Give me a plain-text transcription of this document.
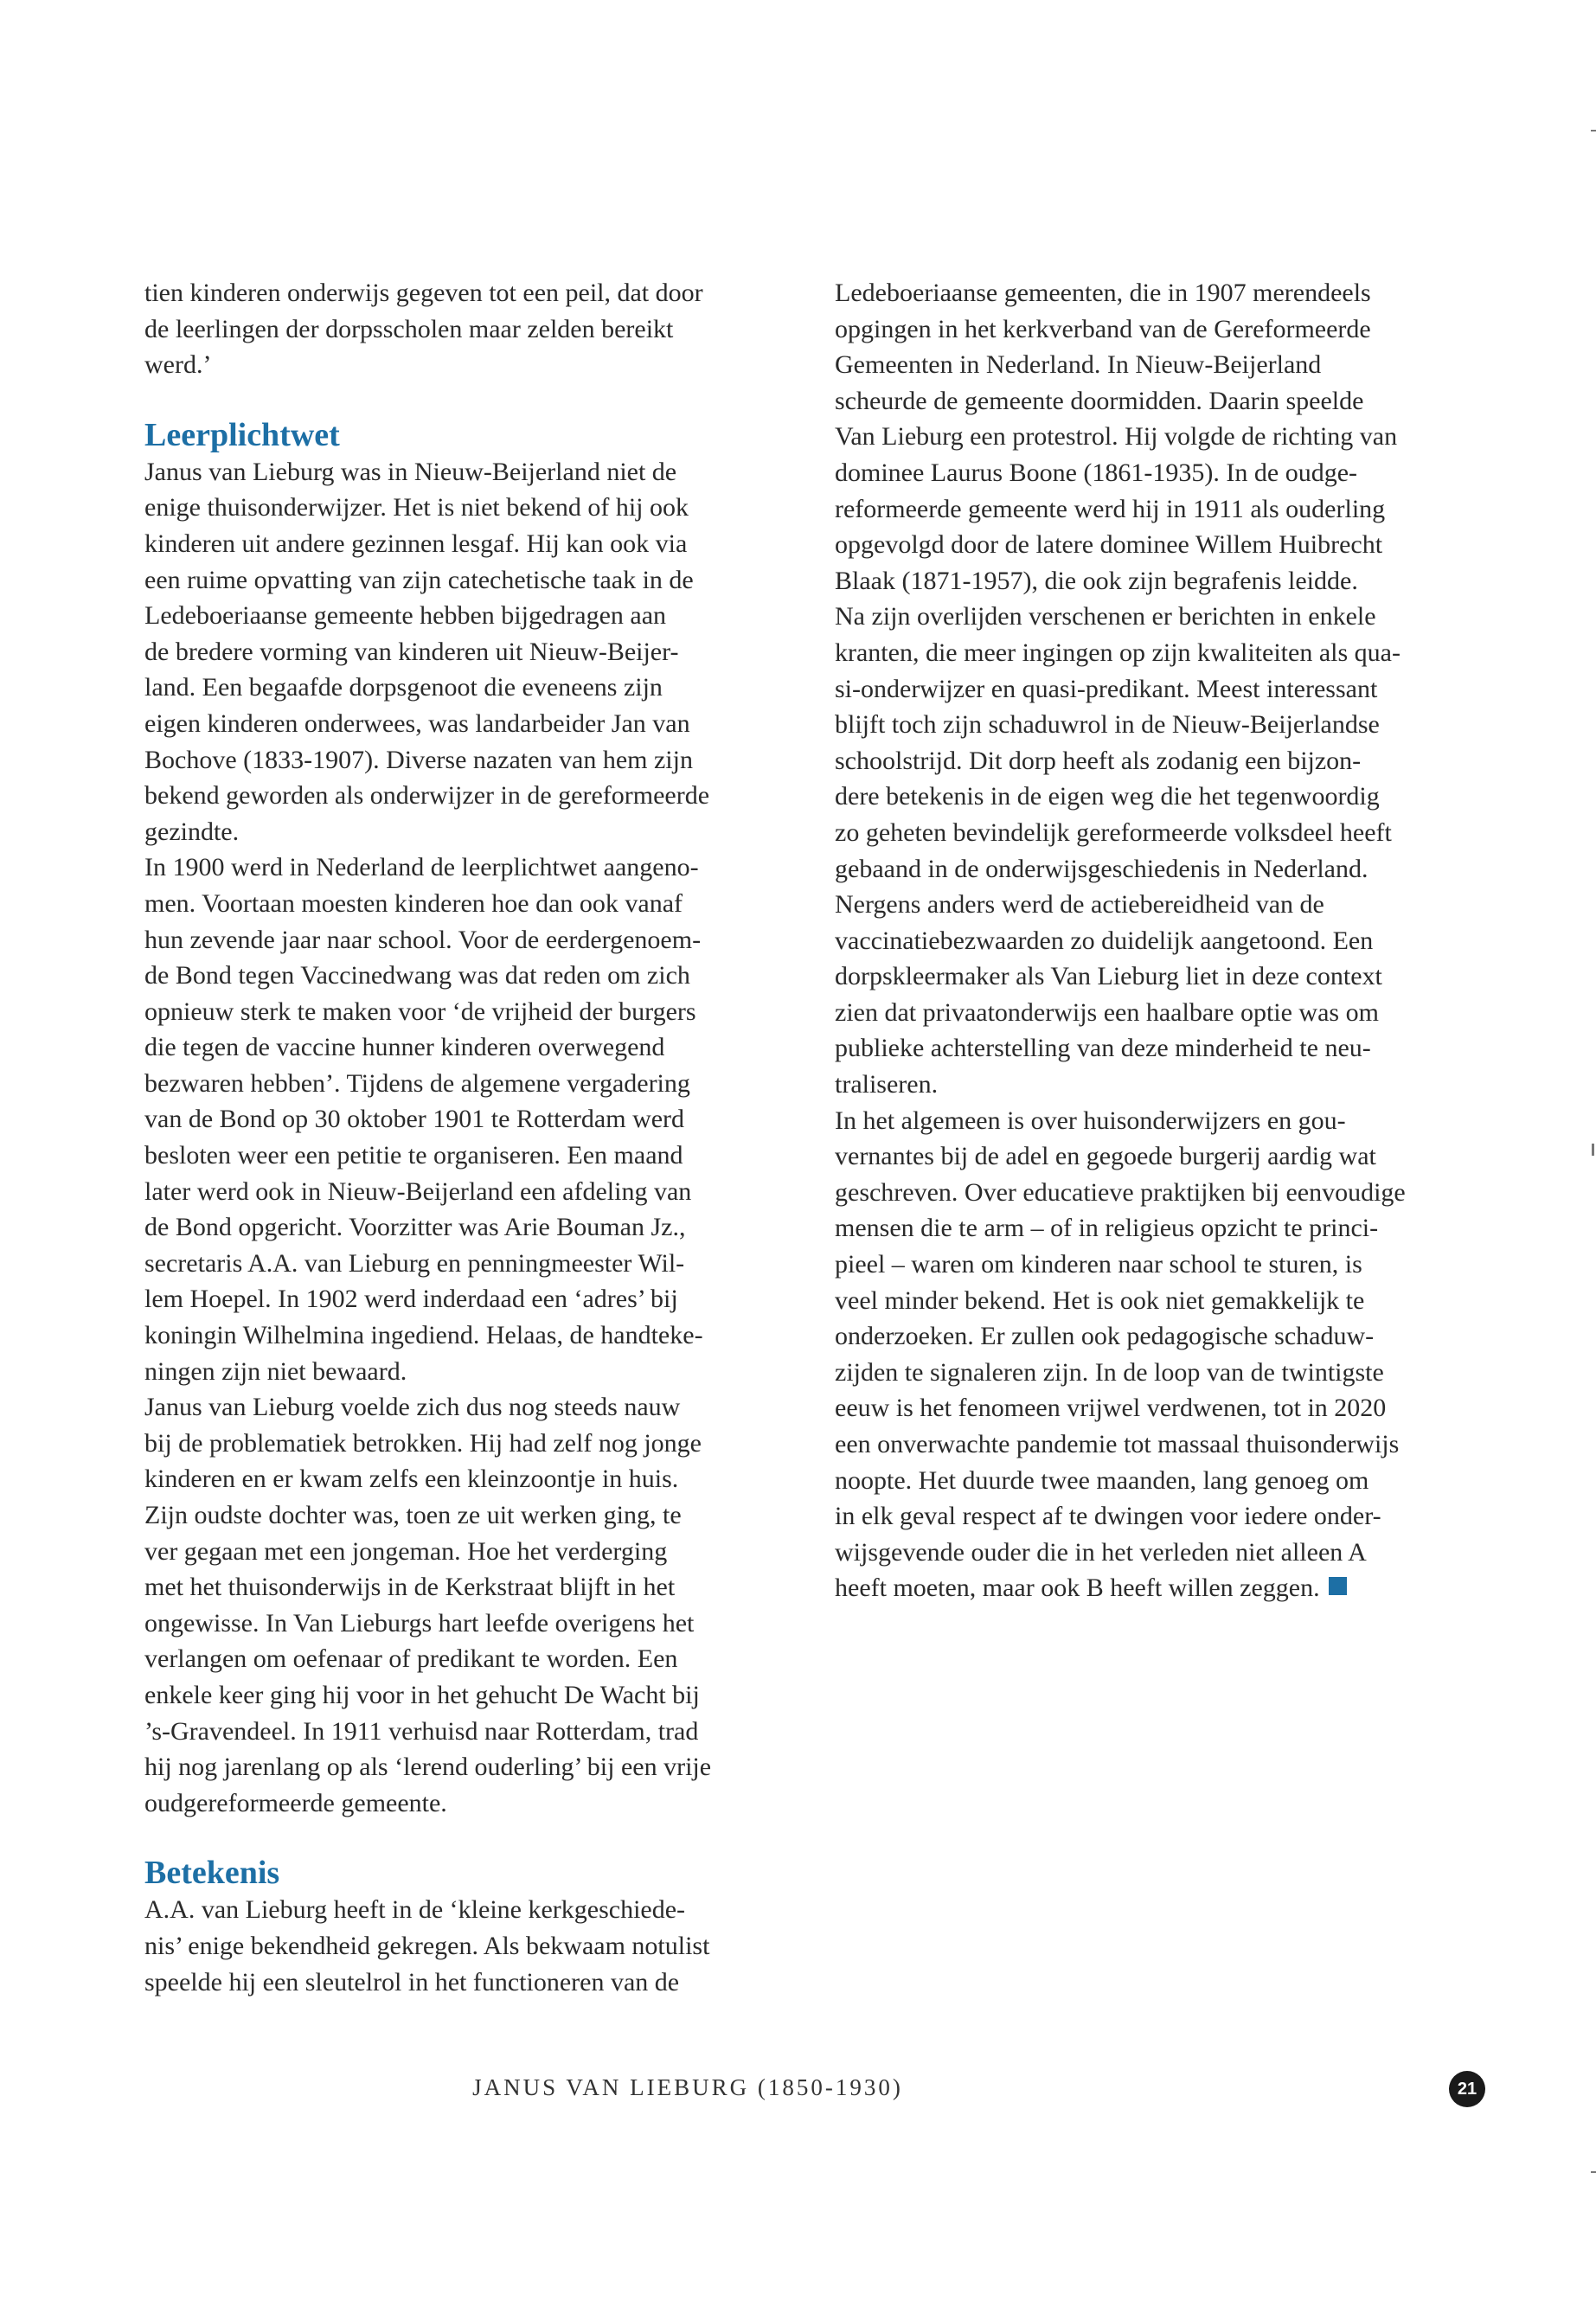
tien kinderen onderwijs gegeven tot een peil, dat door
de leerlingen der dorpsscholen maar zelden bereikt
werd.’

Leerplichtwet

Janus van Lieburg was in Nieuw-Beijerland niet de
enige thuisonderwijzer. Het is niet bekend of hij ook
kinderen uit andere gezinnen lesgaf. Hij kan ook via
een ruime opvatting van zijn catechetische taak in de
Ledeboeriaanse gemeente hebben bijgedragen aan
de bredere vorming van kinderen uit Nieuw-Beijer-
land. Een begaafde dorpsgenoot die eveneens zijn
eigen kinderen onderwees, was landarbeider Jan van
Bochove (1833-1907). Diverse nazaten van hem zijn
bekend geworden als onderwijzer in de gereformeerde
gezindte.

In 1900 werd in Nederland de leerplichtwet aangeno-
men. Voortaan moesten kinderen hoe dan ook vanaf
hun zevende jaar naar school. Voor de eerdergenoem-
de Bond tegen Vaccinedwang was dat reden om zich
opnieuw sterk te maken voor ‘de vrijheid der burgers
die tegen de vaccine hunner kinderen overwegend
bezwaren hebben’. Tijdens de algemene vergadering
van de Bond op 30 oktober 1901 te Rotterdam werd
besloten weer een petitie te organiseren. Een maand
later werd ook in Nieuw-Beijerland een afdeling van
de Bond opgericht. Voorzitter was Arie Bouman Jz.,
secretaris A.A. van Lieburg en penningmeester Wil-
lem Hoepel. In 1902 werd inderdaad een ‘adres’ bij
koningin Wilhelmina ingediend. Helaas, de handteke-
ningen zijn niet bewaard.

Janus van Lieburg voelde zich dus nog steeds nauw
bij de problematiek betrokken. Hij had zelf nog jonge
kinderen en er kwam zelfs een kleinzoontje in huis.
Zijn oudste dochter was, toen ze uit werken ging, te
ver gegaan met een jongeman. Hoe het verderging
met het thuisonderwijs in de Kerkstraat blijft in het
ongewisse. In Van Lieburgs hart leefde overigens het
verlangen om oefenaar of predikant te worden. Een
enkele keer ging hij voor in het gehucht De Wacht bij
’s-Gravendeel. In 1911 verhuisd naar Rotterdam, trad
hij nog jarenlang op als ‘lerend ouderling’ bij een vrije
oudgereformeerde gemeente.

Betekenis

A.A. van Lieburg heeft in de ‘kleine kerkgeschiede-
nis’ enige bekendheid gekregen. Als bekwaam notulist
speelde hij een sleutelrol in het functioneren van de

Ledeboeriaanse gemeenten, die in 1907 merendeels
opgingen in het kerkverband van de Gereformeerde
Gemeenten in Nederland. In Nieuw-Beijerland
scheurde de gemeente doormidden. Daarin speelde
Van Lieburg een protestrol. Hij volgde de richting van
dominee Laurus Boone (1861-1935). In de oudge-
reformeerde gemeente werd hij in 1911 als ouderling
opgevolgd door de latere dominee Willem Huibrecht
Blaak (1871-1957), die ook zijn begrafenis leidde.

Na zijn overlijden verschenen er berichten in enkele
kranten, die meer ingingen op zijn kwaliteiten als qua-
si-onderwijzer en quasi-predikant. Meest interessant
blijft toch zijn schaduwrol in de Nieuw-Beijerlandse
schoolstrijd. Dit dorp heeft als zodanig een bijzon-
dere betekenis in de eigen weg die het tegenwoordig
zo geheten bevindelijk gereformeerde volksdeel heeft
gebaand in de onderwijsgeschiedenis in Nederland.
Nergens anders werd de actiebereidheid van de
vaccinatiebezwaarden zo duidelijk aangetoond. Een
dorpskleermaker als Van Lieburg liet in deze context
zien dat privaatonderwijs een haalbare optie was om
publieke achterstelling van deze minderheid te neu-
traliseren.

In het algemeen is over huisonderwijzers en gou-
vernantes bij de adel en gegoede burgerij aardig wat
geschreven. Over educatieve praktijken bij eenvoudige
mensen die te arm – of in religieus opzicht te princi-
pieel – waren om kinderen naar school te sturen, is
veel minder bekend. Het is ook niet gemakkelijk te
onderzoeken. Er zullen ook pedagogische schaduw-
zijden te signaleren zijn. In de loop van de twintigste
eeuw is het fenomeen vrijwel verdwenen, tot in 2020
een onverwachte pandemie tot massaal thuisonderwijs
noopte. Het duurde twee maanden, lang genoeg om
in elk geval respect af te dwingen voor iedere onder-
wijsgevende ouder die in het verleden niet alleen A
heeft moeten, maar ook B heeft willen zeggen.

JANUS VAN LIEBURG (1850-1930)	21
